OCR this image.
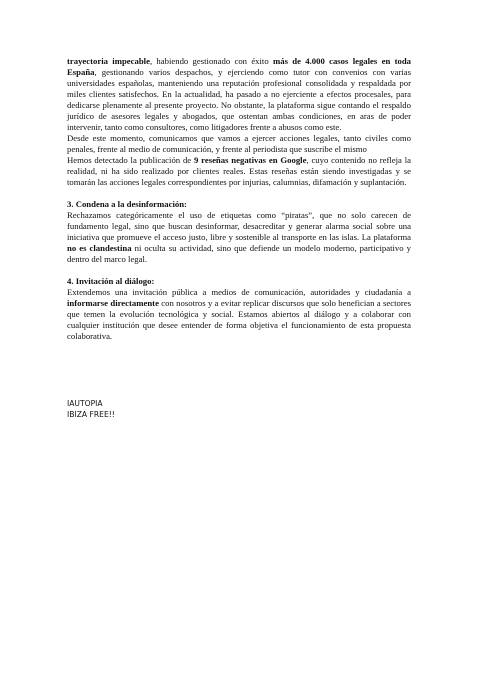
trayectoria impecable, habiendo gestionado con éxito más de 4.000 casos legales en toda España, gestionando varios despachos, y ejerciendo como tutor con convenios con varias universidades españolas, manteniendo una reputación profesional consolidada y respaldada por miles clientes satisfechos. En la actualidad, ha pasado a no ejerciente a efectos procesales, para dedicarse plenamente al presente proyecto. No obstante, la plataforma sigue contando el respaldo jurídico de asesores legales y abogados, que ostentan ambas condiciones, en aras de poder intervenir, tanto como consultores, como litigadores frente a abusos como este.

Desde este momento, comunicamos que vamos a ejercer acciones legales, tanto civiles como penales, frente al medio de comunicación, y frente al periodista que suscribe el mismo

Hemos detectado la publicación de 9 reseñas negativas en Google, cuyo contenido no refleja la realidad, ni ha sido realizado por clientes reales. Estas reseñas están siendo investigadas y se tomarán las acciones legales correspondientes por injurias, calumnias, difamación y suplantación.

3. Condena a la desinformación:

Rechazamos categóricamente el uso de etiquetas como “piratas”, que no solo carecen de fundamento legal, sino que buscan desinformar, desacreditar y generar alarma social sobre una iniciativa que promueve el acceso justo, libre y sostenible al transporte en las islas. La plataforma no es clandestina ni oculta su actividad, sino que defiende un modelo moderno, participativo y dentro del marco legal.

4. Invitación al diálogo:

Extendemos una invitación pública a medios de comunicación, autoridades y ciudadanía a informarse directamente con nosotros y a evitar replicar discursos que solo benefician a sectores que temen la evolución tecnológica y social. Estamos abiertos al diálogo y a colaborar con cualquier institución que desee entender de forma objetiva el funcionamiento de esta propuesta colaborativa.

IAUTOPIA
IBIZA FREE!!
